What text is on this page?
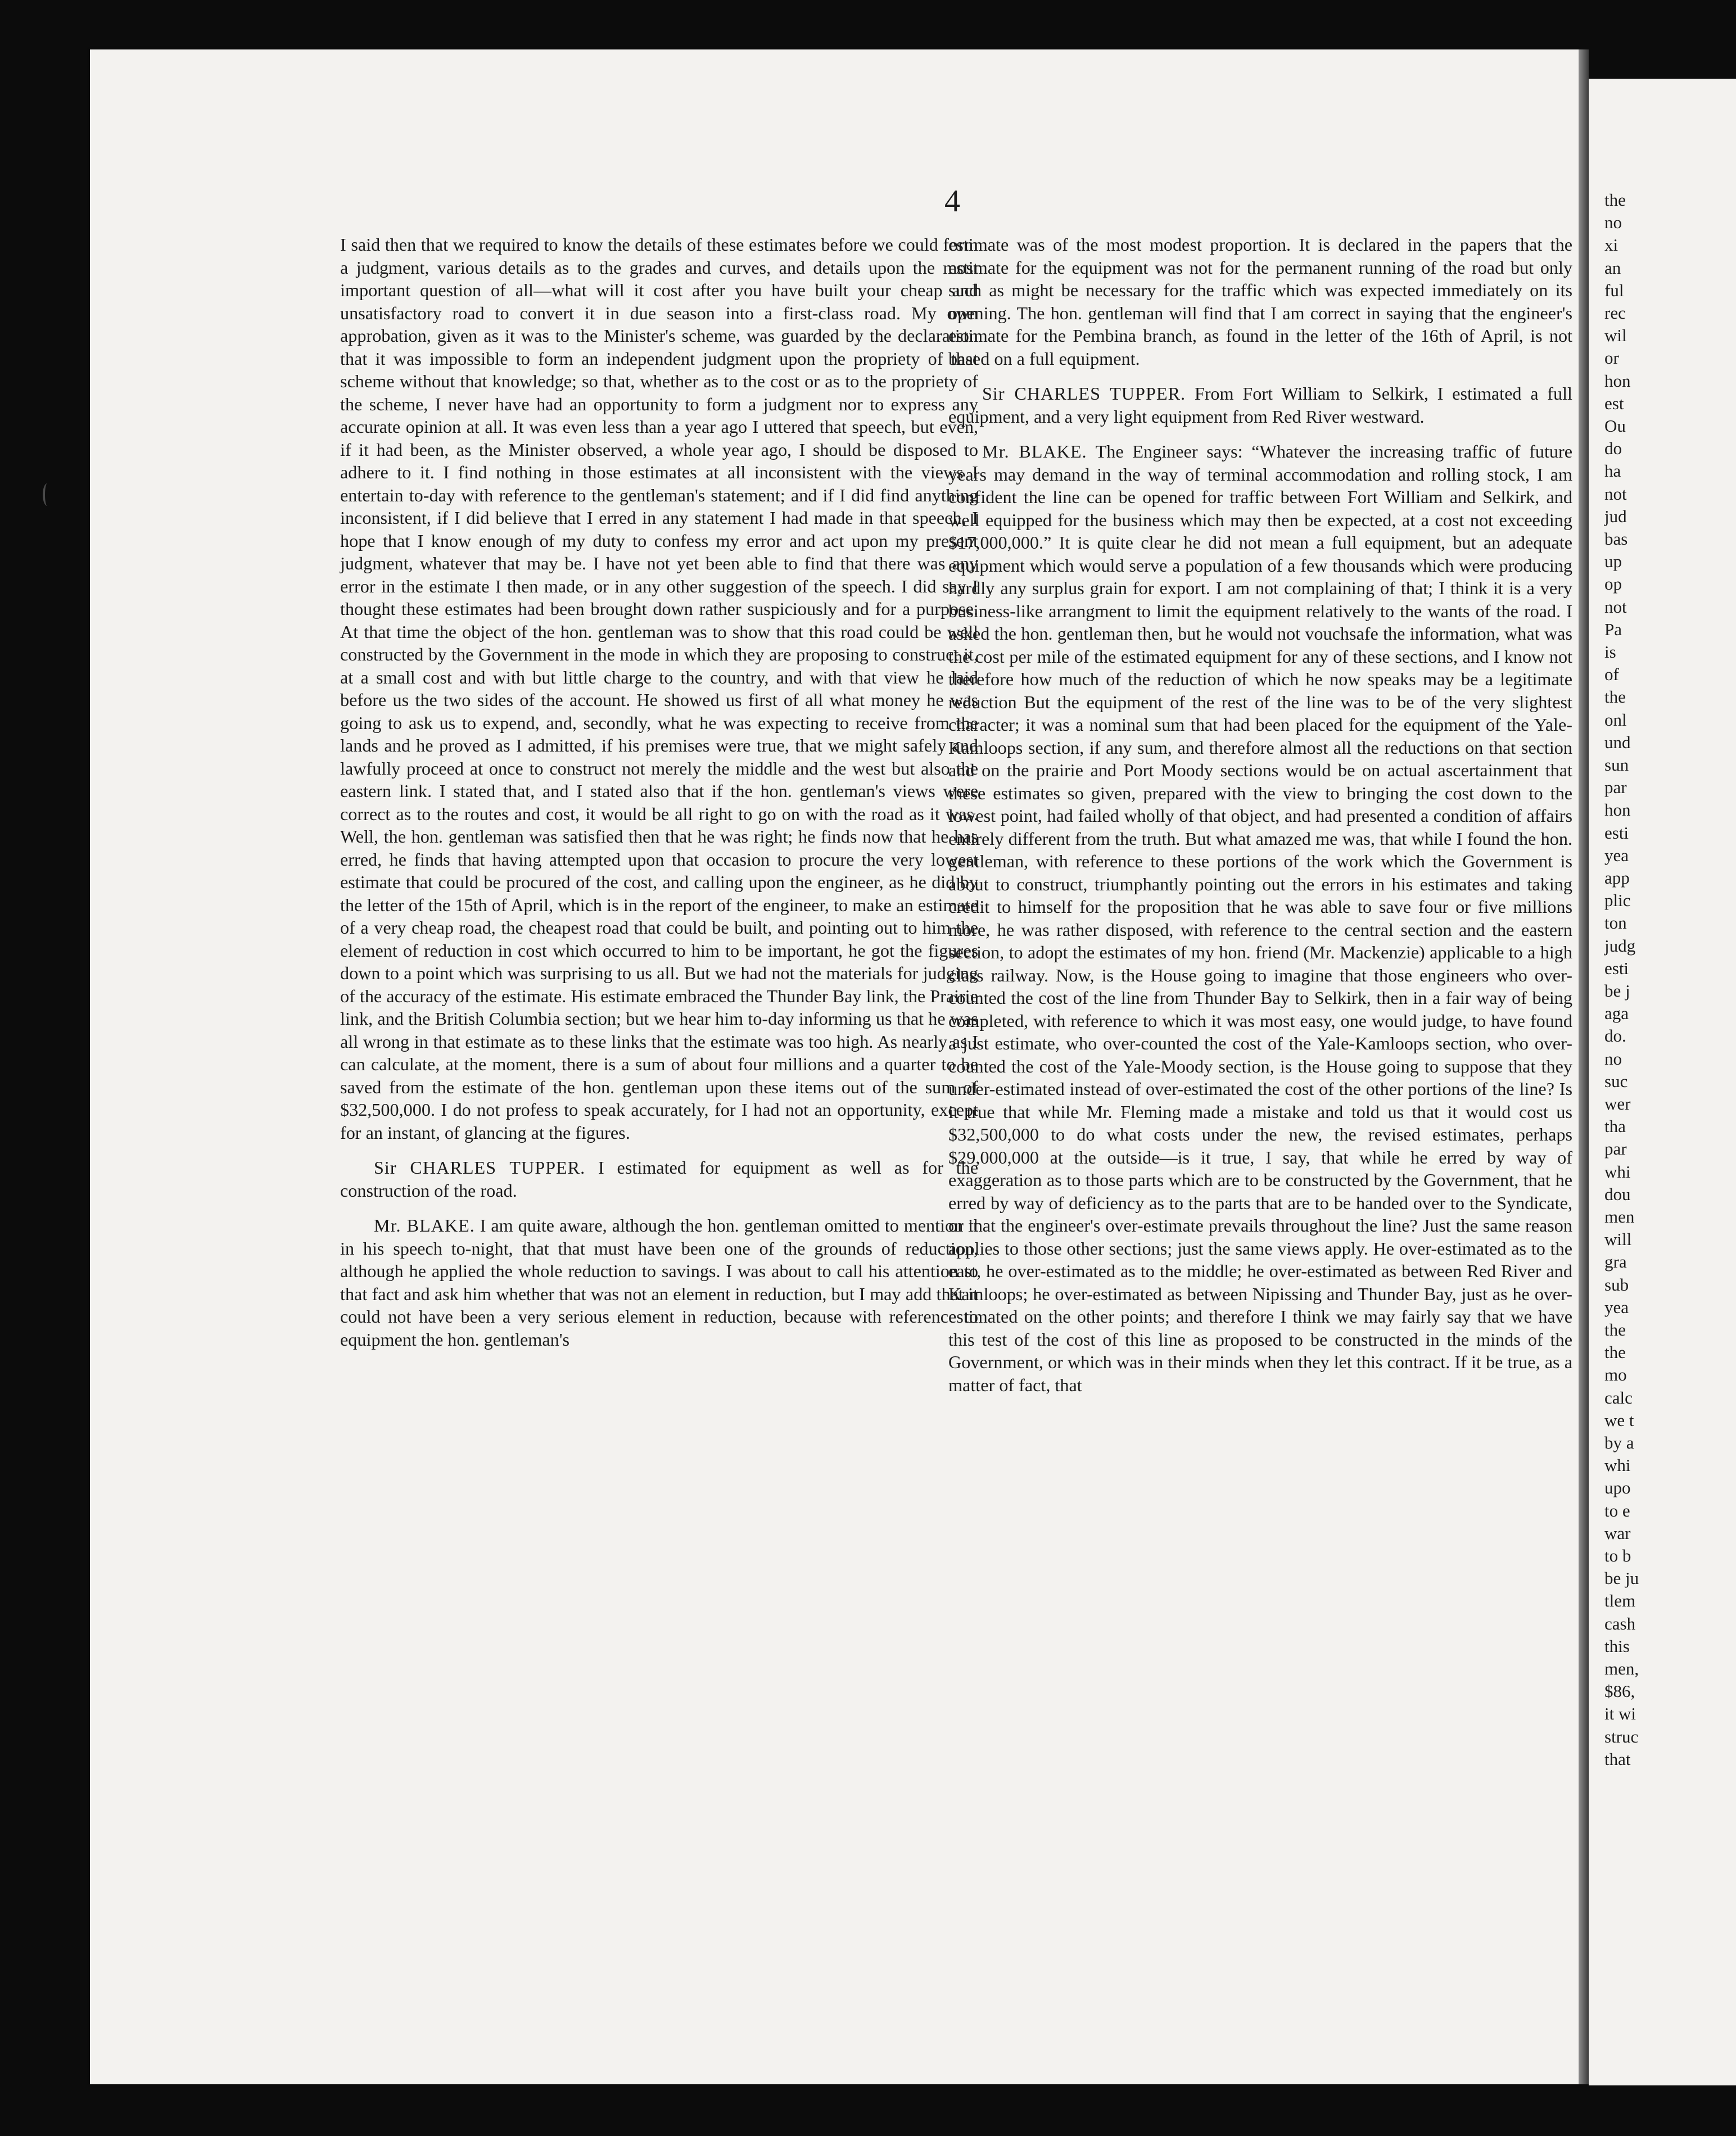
4

I said then that we required to know the details of these estimates before we could form a judgment, various details as to the grades and curves, and details upon the most important question of all—what will it cost after you have built your cheap and unsatisfactory road to convert it in due season into a first-class road. My own approbation, given as it was to the Minister's scheme, was guarded by the declaration that it was impossible to form an independent judgment upon the propriety of that scheme without that knowledge; so that, whether as to the cost or as to the propriety of the scheme, I never have had an opportunity to form a judgment nor to express any accurate opinion at all. It was even less than a year ago I uttered that speech, but even, if it had been, as the Minister observed, a whole year ago, I should be disposed to adhere to it. I find nothing in those estimates at all inconsistent with the views I entertain to-day with reference to the gentleman's statement; and if I did find anything inconsistent, if I did believe that I erred in any statement I had made in that speech, I hope that I know enough of my duty to confess my error and act upon my present judgment, whatever that may be. I have not yet been able to find that there was any error in the estimate I then made, or in any other suggestion of the speech. I did say I thought these estimates had been brought down rather suspiciously and for a purpose. At that time the object of the hon. gentleman was to show that this road could be well constructed by the Government in the mode in which they are proposing to construct it, at a small cost and with but little charge to the country, and with that view he laid before us the two sides of the account. He showed us first of all what money he was going to ask us to expend, and, secondly, what he was expecting to receive from the lands and he proved as I admitted, if his premises were true, that we might safely and lawfully proceed at once to construct not merely the middle and the west but also the eastern link. I stated that, and I stated also that if the hon. gentleman's views were correct as to the routes and cost, it would be all right to go on with the road as it was. Well, the hon. gentleman was satisfied then that he was right; he finds now that he has erred, he finds that having attempted upon that occasion to procure the very lowest estimate that could be procured of the cost, and calling upon the engineer, as he did by the letter of the 15th of April, which is in the report of the engineer, to make an estimate of a very cheap road, the cheapest road that could be built, and pointing out to him the element of reduction in cost which occurred to him to be important, he got the figures down to a point which was surprising to us all. But we had not the materials for judging of the accuracy of the estimate. His estimate embraced the Thunder Bay link, the Prairie link, and the British Columbia section; but we hear him to-day informing us that he was all wrong in that estimate as to these links that the estimate was too high. As nearly as I can calculate, at the moment, there is a sum of about four millions and a quarter to be saved from the estimate of the hon. gentleman upon these items out of the sum of $32,500,000. I do not profess to speak accurately, for I had not an opportunity, except for an instant, of glancing at the figures.

Sir CHARLES TUPPER. I estimated for equipment as well as for the construction of the road.

Mr. BLAKE. I am quite aware, although the hon. gentleman omitted to mention it in his speech to-night, that that must have been one of the grounds of reduction, although he applied the whole reduction to savings. I was about to call his attention to that fact and ask him whether that was not an element in reduction, but I may add that it could not have been a very serious element in reduction, because with reference to equipment the hon. gentleman's

estimate was of the most modest proportion. It is declared in the papers that the estimate for the equipment was not for the permanent running of the road but only such as might be necessary for the traffic which was expected immediately on its opening. The hon. gentleman will find that I am correct in saying that the engineer's estimate for the Pembina branch, as found in the letter of the 16th of April, is not based on a full equipment.

Sir CHARLES TUPPER. From Fort William to Selkirk, I estimated a full equipment, and a very light equipment from Red River westward.

Mr. BLAKE. The Engineer says: “Whatever the increasing traffic of future years may demand in the way of terminal accommodation and rolling stock, I am confident the line can be opened for traffic between Fort William and Selkirk, and well equipped for the business which may then be expected, at a cost not exceeding $17,000,000.” It is quite clear he did not mean a full equipment, but an adequate equipment which would serve a population of a few thousands which were producing hardly any surplus grain for export. I am not complaining of that; I think it is a very business-like arrangment to limit the equipment relatively to the wants of the road. I asked the hon. gentleman then, but he would not vouchsafe the information, what was the cost per mile of the estimated equipment for any of these sections, and I know not therefore how much of the reduction of which he now speaks may be a legitimate reduction But the equipment of the rest of the line was to be of the very slightest character; it was a nominal sum that had been placed for the equipment of the Yale-Kamloops section, if any sum, and therefore almost all the reductions on that section and on the prairie and Port Moody sections would be on actual ascertainment that these estimates so given, prepared with the view to bringing the cost down to the lowest point, had failed wholly of that object, and had presented a condition of affairs entirely different from the truth. But what amazed me was, that while I found the hon. gentleman, with reference to these portions of the work which the Government is about to construct, triumphantly pointing out the errors in his estimates and taking credit to himself for the proposition that he was able to save four or five millions more, he was rather disposed, with reference to the central section and the eastern section, to adopt the estimates of my hon. friend (Mr. Mackenzie) applicable to a high class railway. Now, is the House going to imagine that those engineers who over-counted the cost of the line from Thunder Bay to Selkirk, then in a fair way of being completed, with reference to which it was most easy, one would judge, to have found a just estimate, who over-counted the cost of the Yale-Kamloops section, who over-counted the cost of the Yale-Moody section, is the House going to suppose that they under-estimated instead of over-estimated the cost of the other portions of the line? Is it true that while Mr. Fleming made a mistake and told us that it would cost us $32,500,000 to do what costs under the new, the revised estimates, perhaps $29,000,000 at the outside—is it true, I say, that while he erred by way of exaggeration as to those parts which are to be constructed by the Government, that he erred by way of deficiency as to the parts that are to be handed over to the Syndicate, or that the engineer's over-estimate prevails throughout the line? Just the same reason applies to those other sections; just the same views apply. He over-estimated as to the east, he over-estimated as to the middle; he over-estimated as between Red River and Kamloops; he over-estimated as between Nipissing and Thunder Bay, just as he over-estimated on the other points; and therefore I think we may fairly say that we have this test of the cost of this line as proposed to be constructed in the minds of the Government, or which was in their minds when they let this contract. If it be true, as a matter of fact, that

the
no
xi
an
ful
rec
wil
or
hon
est
Ou
do
ha
not
jud
bas
up
op
not
Pa
is
of
the
onl
und
sun
par
hon
esti
yea
app
plic
ton
judg
esti
be j
aga
do.
no
suc
wer
tha
par
whi
dou
men
will
gra
sub
yea
the
the
mo
calc
we t
by a
whi
upo
to e
war
to b
be ju
tlem
cash
this
men,
$86,
it wi
struc
that
